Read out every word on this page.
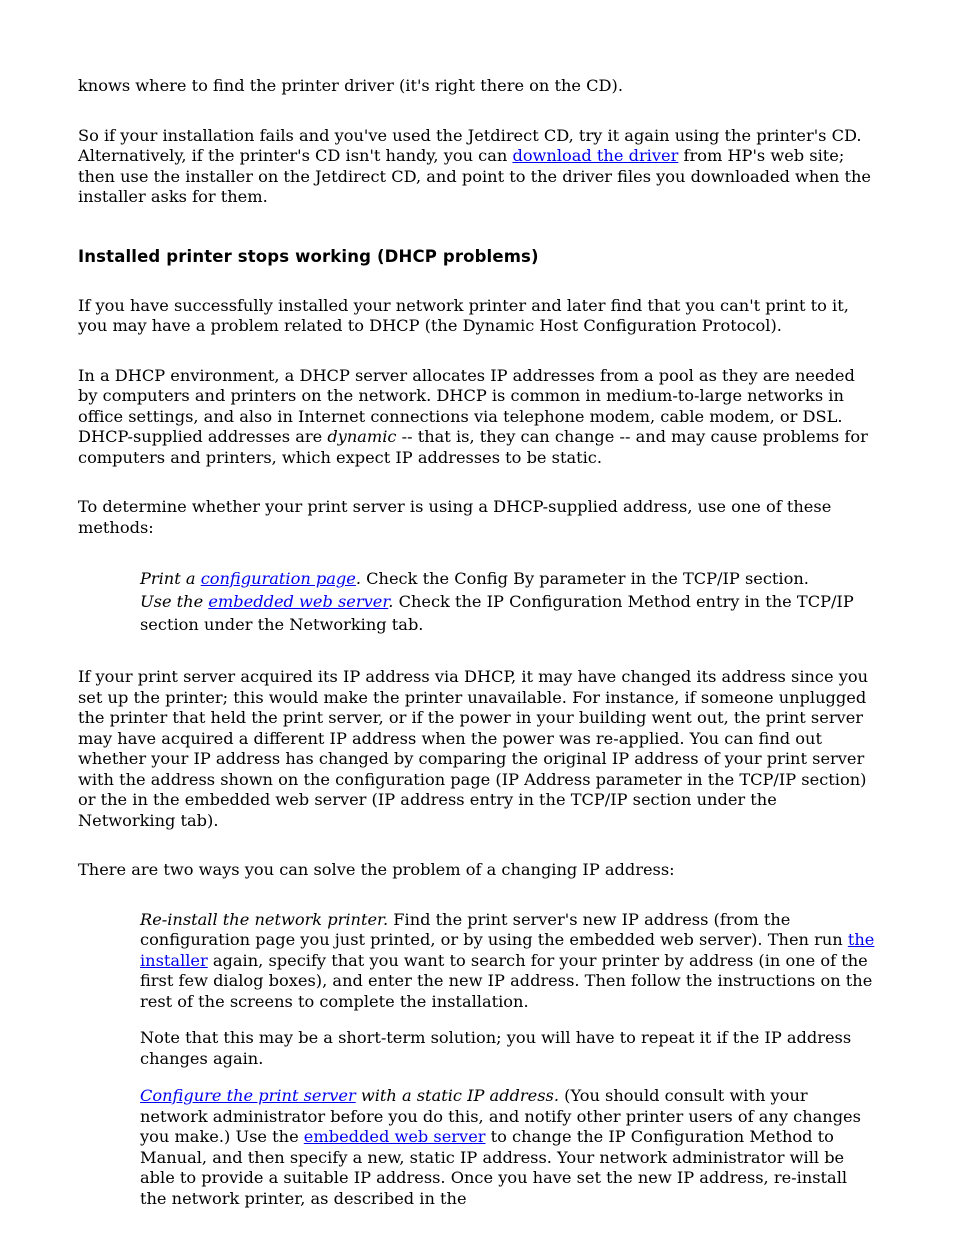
knows where to find the printer driver (it's right there on the CD).

So if your installation fails and you've used the Jetdirect CD, try it again using the printer's CD. Alternatively, if the printer's CD isn't handy, you can download the driver from HP's web site; then use the installer on the Jetdirect CD, and point to the driver files you downloaded when the installer asks for them.

Installed printer stops working (DHCP problems)

If you have successfully installed your network printer and later find that you can't print to it, you may have a problem related to DHCP (the Dynamic Host Configuration Protocol).

In a DHCP environment, a DHCP server allocates IP addresses from a pool as they are needed by computers and printers on the network. DHCP is common in medium-to-large networks in office settings, and also in Internet connections via telephone modem, cable modem, or DSL. DHCP-supplied addresses are dynamic -- that is, they can change -- and may cause problems for computers and printers, which expect IP addresses to be static.

To determine whether your print server is using a DHCP-supplied address, use one of these methods:

Print a configuration page. Check the Config By parameter in the TCP/IP section.

Use the embedded web server. Check the IP Configuration Method entry in the TCP/IP section under the Networking tab.

If your print server acquired its IP address via DHCP, it may have changed its address since you set up the printer; this would make the printer unavailable. For instance, if someone unplugged the printer that held the print server, or if the power in your building went out, the print server may have acquired a different IP address when the power was re-applied. You can find out whether your IP address has changed by comparing the original IP address of your print server with the address shown on the configuration page (IP Address parameter in the TCP/IP section) or the in the embedded web server (IP address entry in the TCP/IP section under the Networking tab).

There are two ways you can solve the problem of a changing IP address:

Re-install the network printer. Find the print server's new IP address (from the configuration page you just printed, or by using the embedded web server). Then run the installer again, specify that you want to search for your printer by address (in one of the first few dialog boxes), and enter the new IP address. Then follow the instructions on the rest of the screens to complete the installation.

Note that this may be a short-term solution; you will have to repeat it if the IP address changes again.

Configure the print server with a static IP address. (You should consult with your network administrator before you do this, and notify other printer users of any changes you make.) Use the embedded web server to change the IP Configuration Method to Manual, and then specify a new, static IP address. Your network administrator will be able to provide a suitable IP address. Once you have set the new IP address, re-install the network printer, as described in the
